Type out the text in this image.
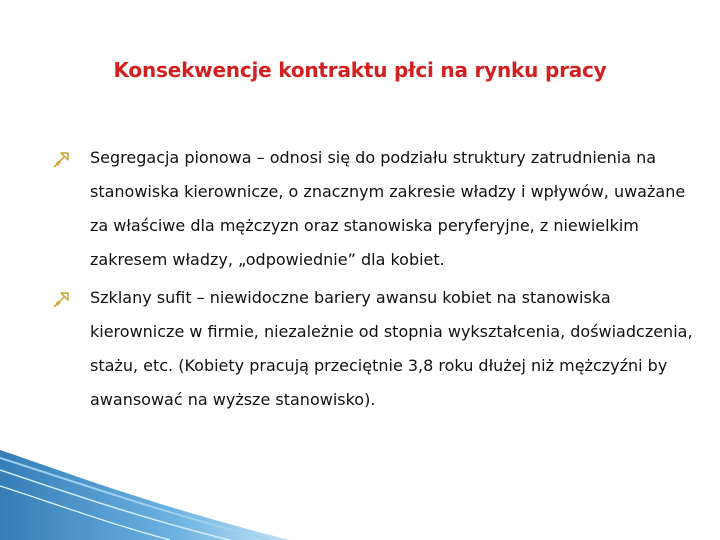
Konsekwencje kontraktu płci na rynku pracy

Segregacja pionowa – odnosi się do podziału struktury zatrudnienia na stanowiska kierownicze, o znacznym zakresie władzy i wpływów, uważane za właściwe dla mężczyzn oraz stanowiska peryferyjne, z niewielkim zakresem władzy, „odpowiednie” dla kobiet.

Szklany sufit – niewidoczne bariery awansu kobiet na stanowiska kierownicze w firmie, niezależnie od stopnia wykształcenia, doświadczenia, stażu, etc. (Kobiety pracują przeciętnie 3,8 roku dłużej niż mężczyźni by awansować na wyższe stanowisko).
